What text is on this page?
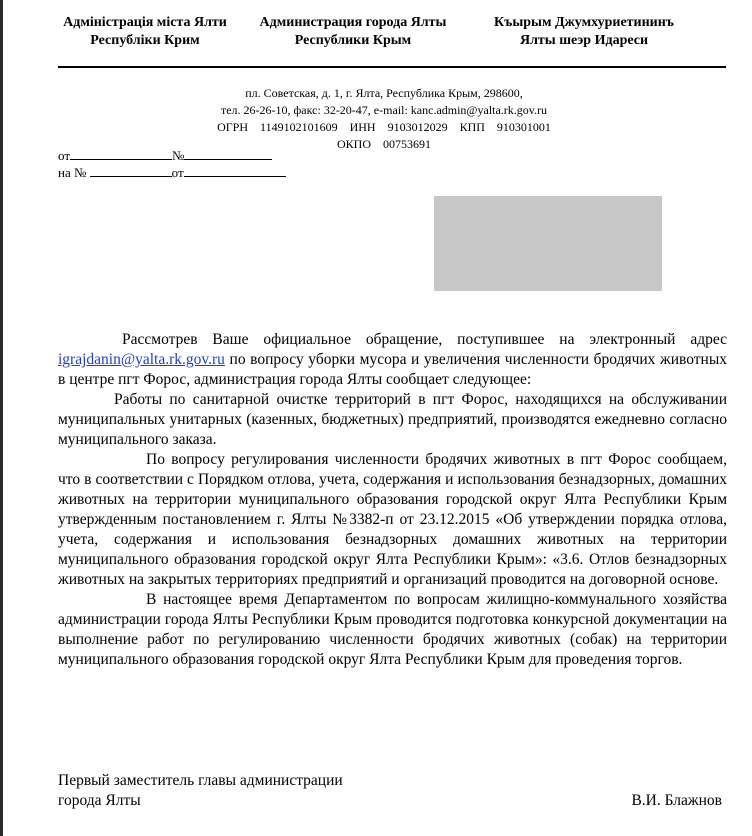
Адміністрація міста Ялти
Республіки Крим
Администрация города Ялты
Республики Крым
Къырым Джумхуриетининъ
Ялты шеэр Идареси
пл. Советская, д. 1, г. Ялта, Республика Крым, 298600,
тел. 26-26-10, факс: 32-20-47, e-mail: kanc.admin@yalta.rk.gov.ru
ОГРН    1149102101609    ИНН    9103012029    КПП    910301001
ОКПО    00753691
от	№
на №	от

Рассмотрев Ваше официальное обращение, поступившее на электронный адрес igrajdanin@yalta.rk.gov.ru по вопросу уборки мусора и увеличения численности бродячих животных в центре пгт Форос, администрация города Ялты сообщает следующее:

Работы по санитарной очистке территорий в пгт Форос, находящихся на обслуживании муниципальных унитарных (казенных, бюджетных) предприятий, производятся ежедневно согласно муниципального заказа.

По вопросу регулирования численности бродячих животных в пгт Форос сообщаем, что в соответствии с Порядком отлова, учета, содержания и использования безнадзорных, домашних животных на территории муниципального образования городской округ Ялта Республики Крым утвержденным постановлением г. Ялты №3382-п от 23.12.2015 «Об утверждении порядка отлова, учета, содержания и использования безнадзорных домашних животных на территории муниципального образования городской округ Ялта Республики Крым»: «3.6. Отлов безнадзорных животных на закрытых территориях предприятий и организаций проводится на договорной основе.

В настоящее время Департаментом по вопросам жилищно-коммунального хозяйства администрации города Ялты Республики Крым проводится подготовка конкурсной документации на выполнение работ по регулированию численности бродячих животных (собак) на территории муниципального образования городской округ Ялта Республики Крым для проведения торгов.

Первый заместитель главы администрации
города Ялты	В.И. Блажнов
